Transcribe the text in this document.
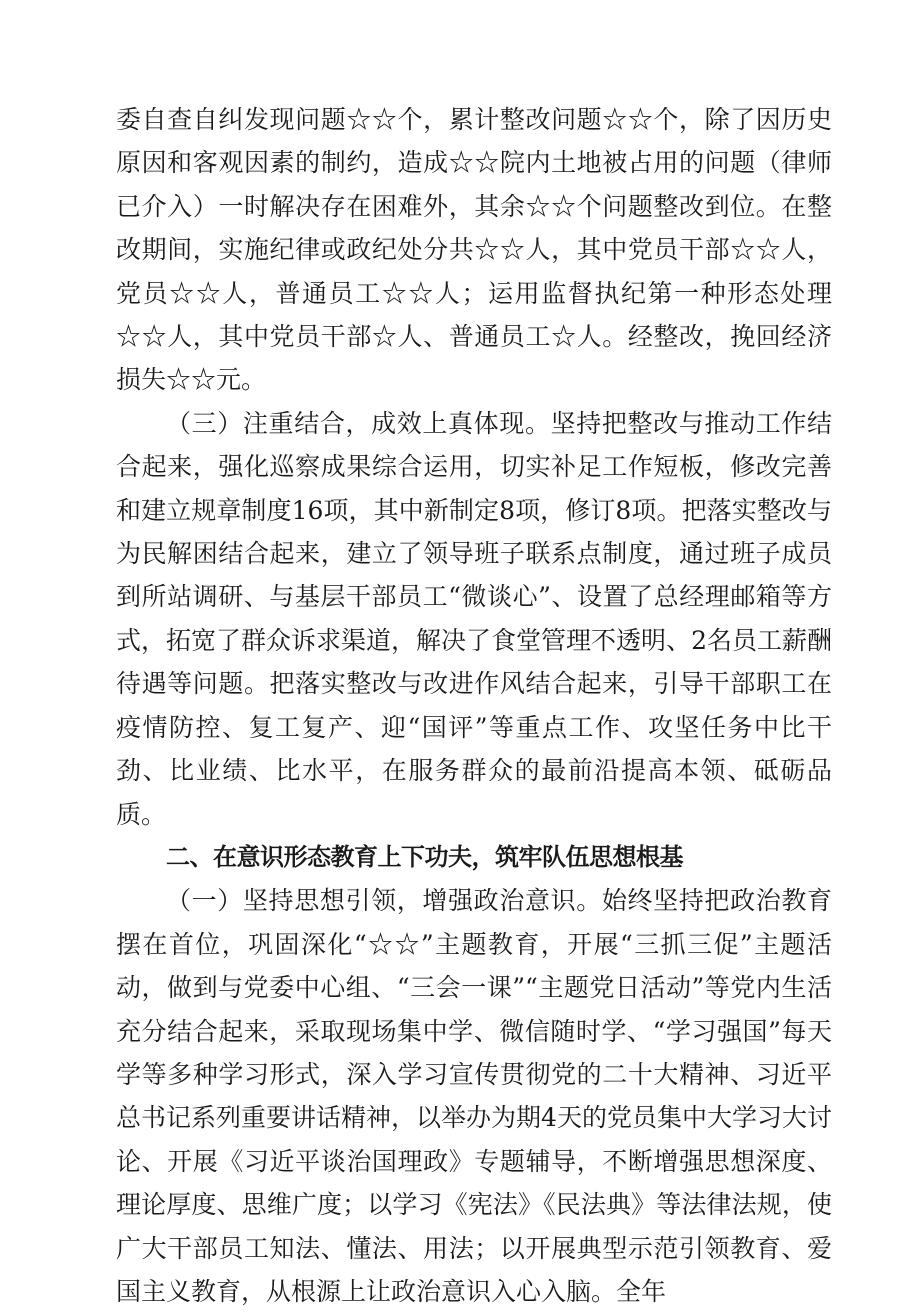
委自查自纠发现问题☆☆个，累计整改问题☆☆个，除了因历史原因和客观因素的制约，造成☆☆院内土地被占用的问题（律师已介入）一时解决存在困难外，其余☆☆个问题整改到位。在整改期间，实施纪律或政纪处分共☆☆人，其中党员干部☆☆人，党员☆☆人，普通员工☆☆人；运用监督执纪第一种形态处理☆☆人，其中党员干部☆人、普通员工☆人。经整改，挽回经济损失☆☆元。

（三）注重结合，成效上真体现。坚持把整改与推动工作结合起来，强化巡察成果综合运用，切实补足工作短板，修改完善和建立规章制度16项，其中新制定8项，修订8项。把落实整改与为民解困结合起来，建立了领导班子联系点制度，通过班子成员到所站调研、与基层干部员工“微谈心”、设置了总经理邮箱等方式，拓宽了群众诉求渠道，解决了食堂管理不透明、2名员工薪酬待遇等问题。把落实整改与改进作风结合起来，引导干部职工在疫情防控、复工复产、迎“国评”等重点工作、攻坚任务中比干劲、比业绩、比水平，在服务群众的最前沿提高本领、砥砺品质。

二、在意识形态教育上下功夫，筑牢队伍思想根基

（一）坚持思想引领，增强政治意识。始终坚持把政治教育摆在首位，巩固深化“☆☆”主题教育，开展“三抓三促”主题活动，做到与党委中心组、“三会一课”“主题党日活动”等党内生活充分结合起来，采取现场集中学、微信随时学、“学习强国”每天学等多种学习形式，深入学习宣传贯彻党的二十大精神、习近平总书记系列重要讲话精神，以举办为期4天的党员集中大学习大讨论、开展《习近平谈治国理政》专题辅导，不断增强思想深度、理论厚度、思维广度；以学习《宪法》《民法典》等法律法规，使广大干部员工知法、懂法、用法；以开展典型示范引领教育、爱国主义教育，从根源上让政治意识入心入脑。全年
